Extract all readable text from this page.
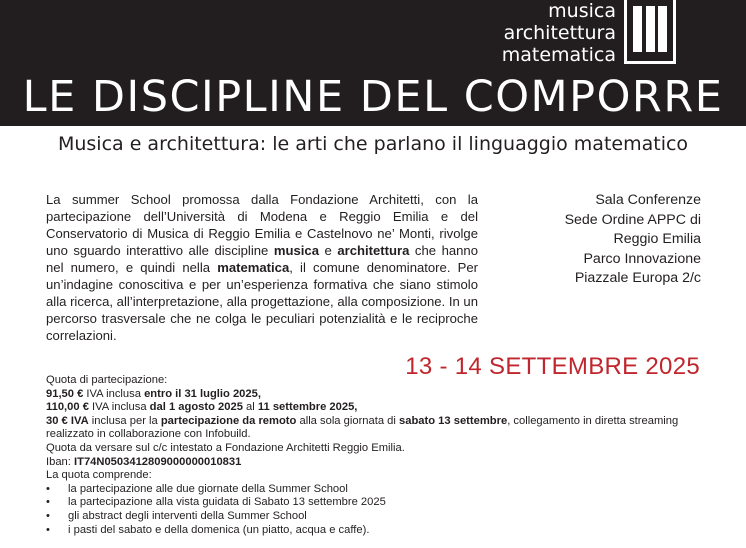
musica
architettura
matematica
LE DISCIPLINE DEL COMPORRE
Musica e architettura: le arti che parlano il linguaggio matematico
La summer School promossa dalla Fondazione Architetti, con la partecipazione dell’Università di Modena e Reggio Emilia e del Conservatorio di Musica di Reggio Emilia e Castelnovo ne’ Monti, rivolge uno sguardo interattivo alle discipline musica e architettura che hanno nel numero, e quindi nella matematica, il comune denominatore. Per un’indagine conoscitiva e per un’esperienza formativa che siano stimolo alla ricerca, all’interpretazione, alla progettazione, alla composizione. In un percorso trasversale che ne colga le peculiari potenzialità e le reciproche correlazioni.
Sala Conferenze
Sede Ordine APPC di
Reggio Emilia
Parco Innovazione
Piazzale Europa 2/c
13 - 14 SETTEMBRE 2025
Quota di partecipazione:
91,50 € IVA inclusa entro il 31 luglio 2025,
110,00 € IVA inclusa dal 1 agosto 2025 al 11 settembre 2025,
30 € IVA inclusa per la partecipazione da remoto alla sola giornata di sabato 13 settembre, collegamento in diretta streaming realizzato in collaborazione con Infobuild.
Quota da versare sul c/c intestato a Fondazione Architetti Reggio Emilia.
Iban: IT74N0503412809000000010831
La quota comprende:
• la partecipazione alle due giornate della Summer School
• la partecipazione alla vista guidata di Sabato 13 settembre 2025
• gli abstract degli interventi della Summer School
• i pasti del sabato e della domenica (un piatto, acqua e caffe).
